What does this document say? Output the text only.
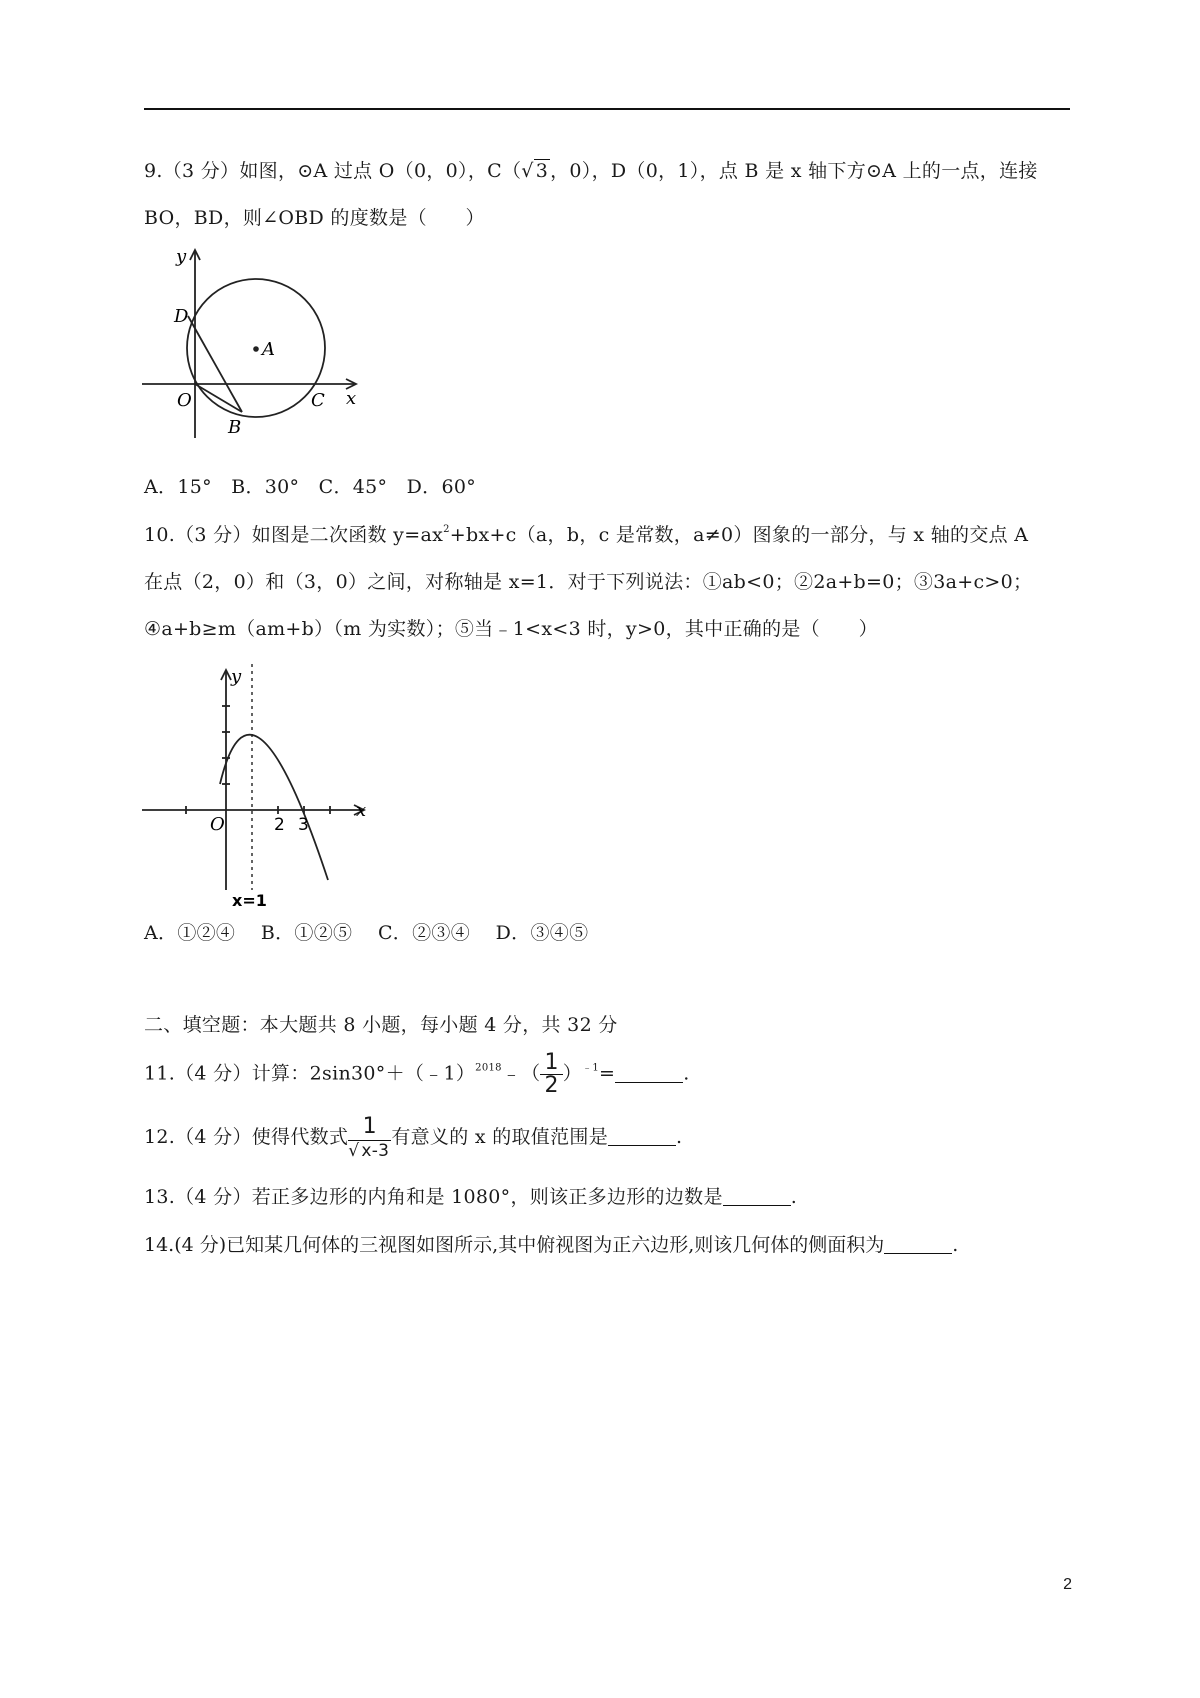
9.（3 分）如图，⊙A 过点 O（0，0），C（√ 3 ，0），D（0，1），点 B 是 x 轴下方⊙A 上的一点，连接
BO，BD，则∠OBD 的度数是（　　）
y
x
D
A
O
B
C
A．15°　B．30°　C．45°　D．60°
10.（3 分）如图是二次函数 $y=ax^2+bx+c(a$，b，c 是常数，a≠0）图象的一部分，与 x 轴的交点 A
在点（2，0）和（3，0）之间，对称轴是 x=1．对于下列说法：①ab<0；②2a+b=0；③3a+c>0；
④a+b≥m（am+b）（m 为实数）；⑤当﹣1<x<3 时，y>0，其中正确的是（　　）
y
x
O	2 3
x=1
A．①②④　 B．①②⑤　 C．②③④　 D．③④⑤
二、填空题：本大题共 8 小题，每小题 4 分，共 32 分
11.（4 分）计算：2sin30°＋（﹣1）$^{2018}$﹣（ $\frac{1}{2} )^{﹣1}=$	.
12.（4 分）使得代数式 $\frac{1}{√ x-3}$ 有意义的 x 的取值范围是	.
13.（4 分）若正多边形的内角和是 1080°，则该正多边形的边数是	.
14.(4 分)已知某几何体的三视图如图所示,其中俯视图为正六边形,则该几何体的侧面积为	.
2
